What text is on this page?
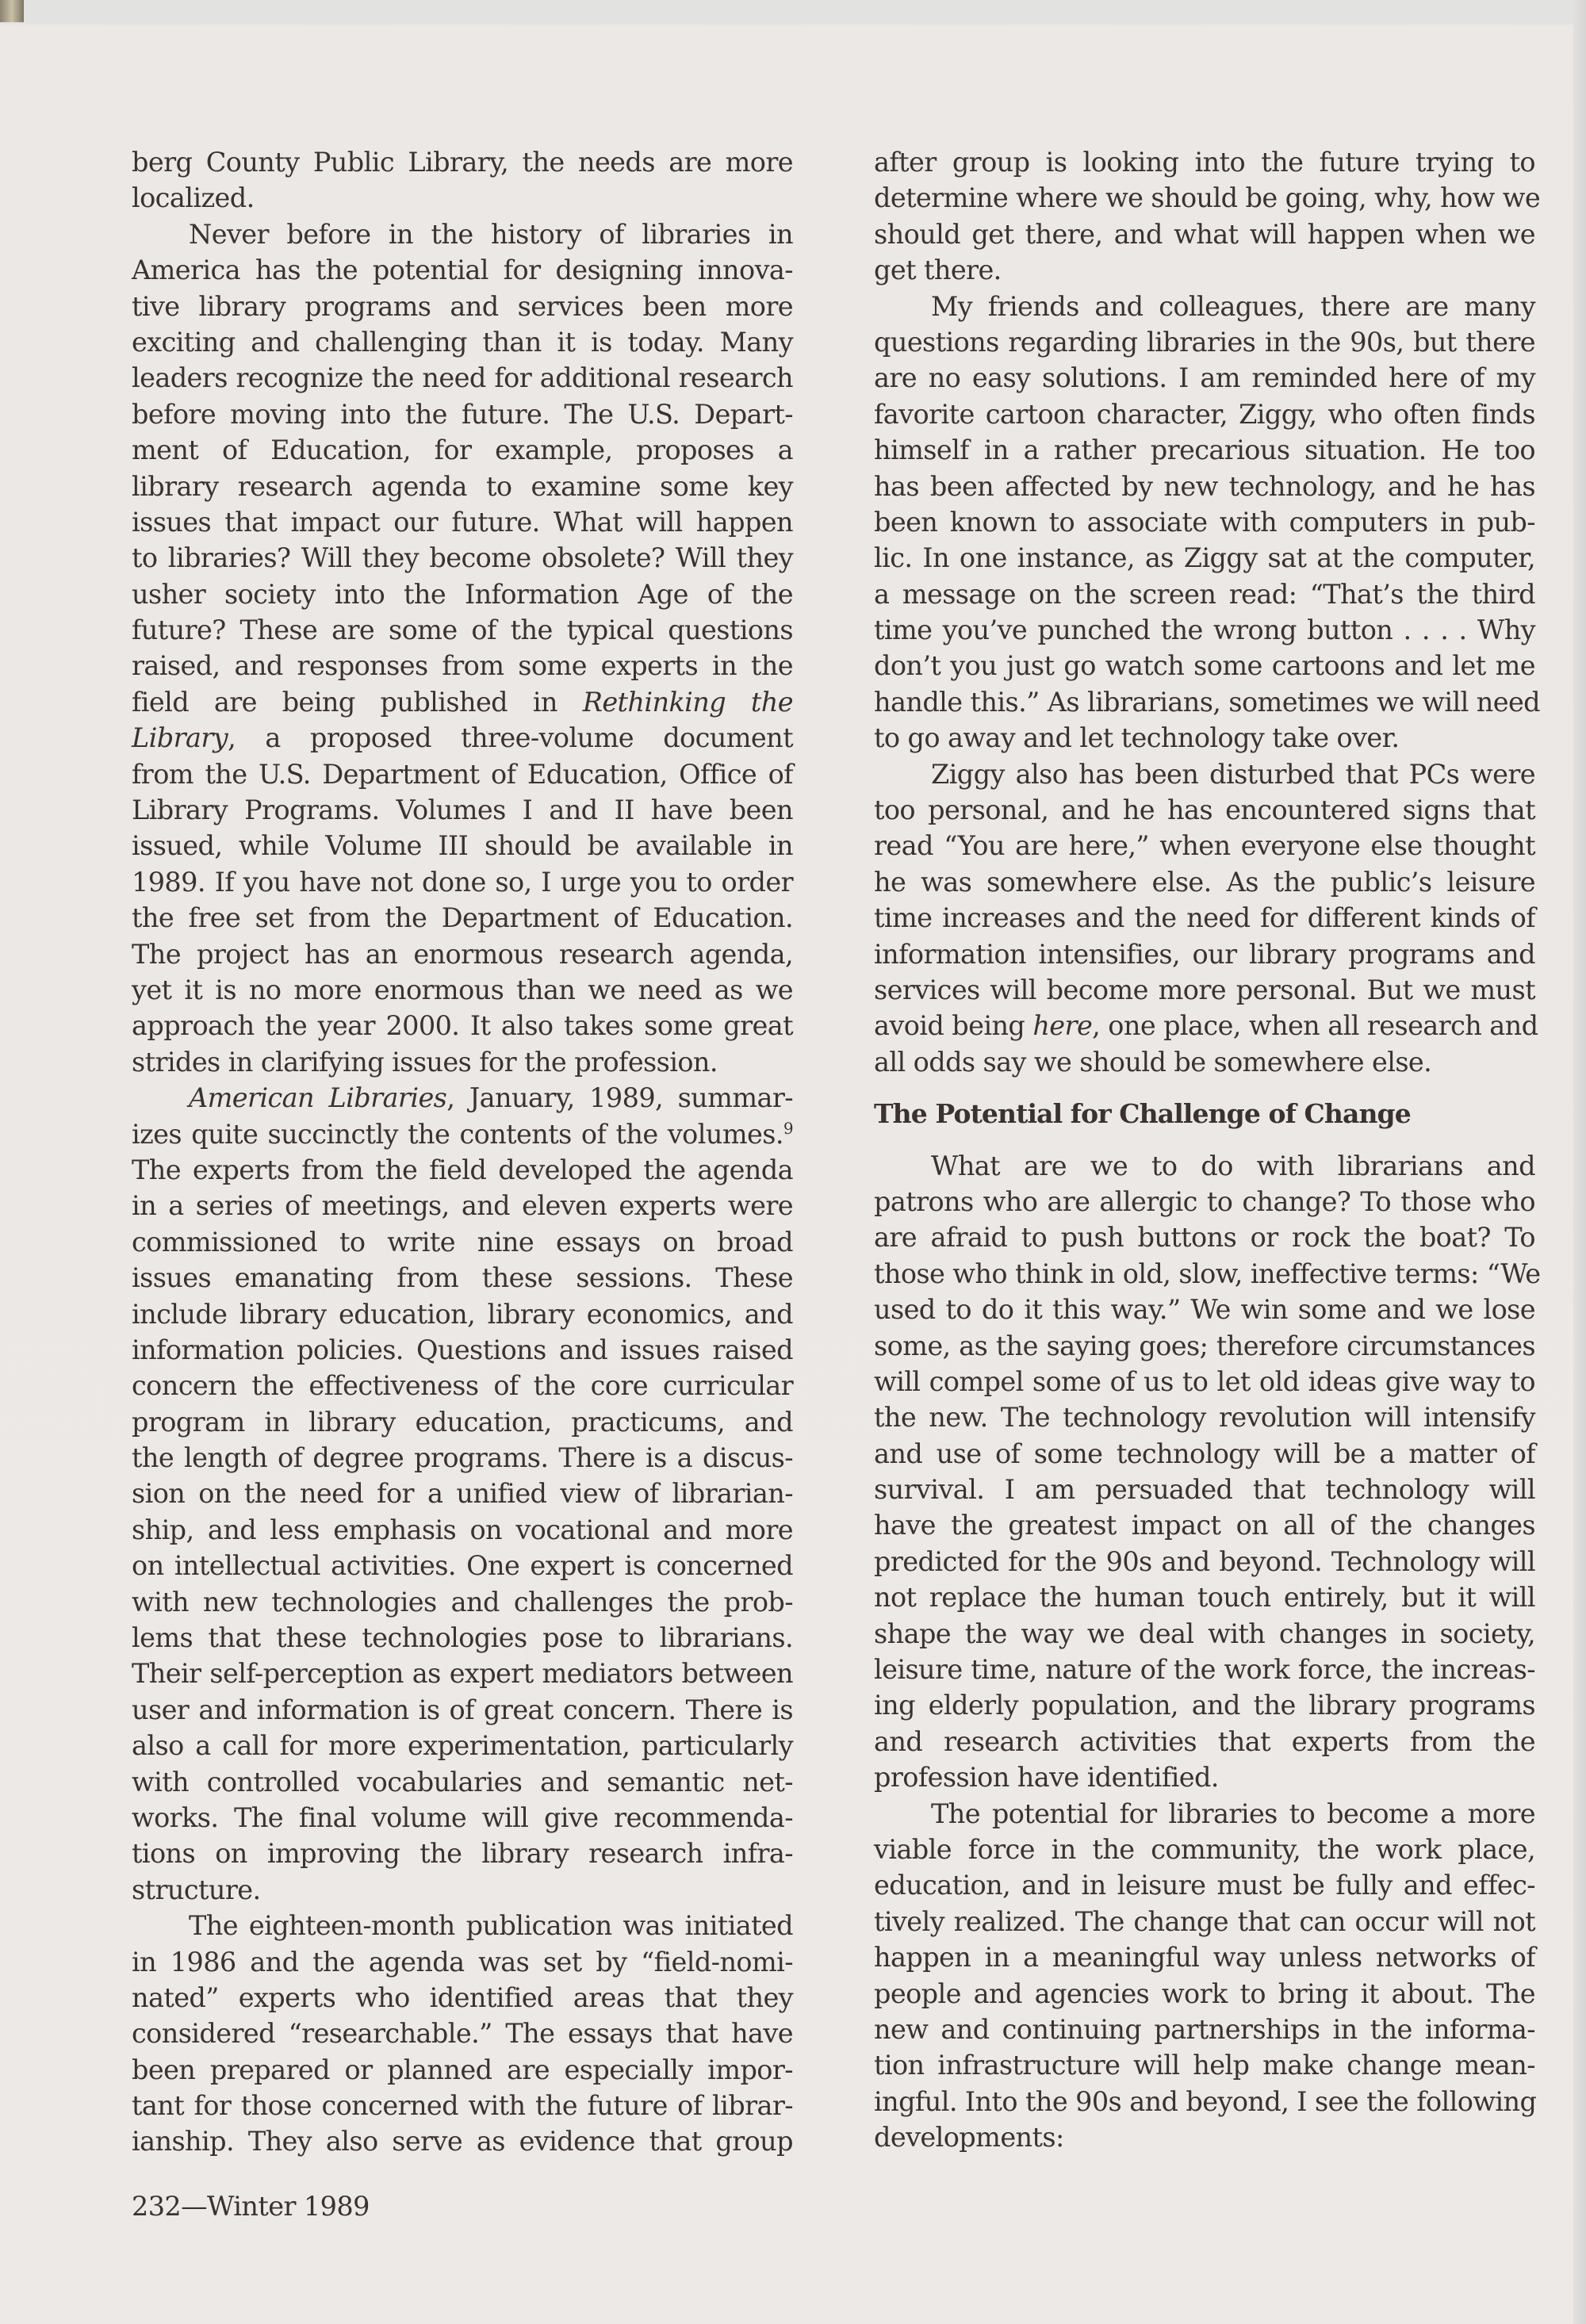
berg County Public Library, the needs are more
localized.
Never before in the history of libraries in
America has the potential for designing innova-
tive library programs and services been more
exciting and challenging than it is today. Many
leaders recognize the need for additional research
before moving into the future. The U.S. Depart-
ment of Education, for example, proposes a
library research agenda to examine some key
issues that impact our future. What will happen
to libraries? Will they become obsolete? Will they
usher society into the Information Age of the
future? These are some of the typical questions
raised, and responses from some experts in the
field are being published in Rethinking the
Library, a proposed three-volume document
from the U.S. Department of Education, Office of
Library Programs. Volumes I and II have been
issued, while Volume III should be available in
1989. If you have not done so, I urge you to order
the free set from the Department of Education.
The project has an enormous research agenda,
yet it is no more enormous than we need as we
approach the year 2000. It also takes some great
strides in clarifying issues for the profession.
American Libraries, January, 1989, summar-
izes quite succinctly the contents of the volumes.$^9$
The experts from the field developed the agenda
in a series of meetings, and eleven experts were
commissioned to write nine essays on broad
issues emanating from these sessions. These
include library education, library economics, and
information policies. Questions and issues raised
concern the effectiveness of the core curricular
program in library education, practicums, and
the length of degree programs. There is a discus-
sion on the need for a unified view of librarian-
ship, and less emphasis on vocational and more
on intellectual activities. One expert is concerned
with new technologies and challenges the prob-
lems that these technologies pose to librarians.
Their self-perception as expert mediators between
user and information is of great concern. There is
also a call for more experimentation, particularly
with controlled vocabularies and semantic net-
works. The final volume will give recommenda-
tions on improving the library research infra-
structure.
The eighteen-month publication was initiated
in 1986 and the agenda was set by “field-nomi-
nated” experts who identified areas that they
considered “researchable.” The essays that have
been prepared or planned are especially impor-
tant for those concerned with the future of librar-
ianship. They also serve as evidence that group
after group is looking into the future trying to
determine where we should be going, why, how we
should get there, and what will happen when we
get there.
My friends and colleagues, there are many
questions regarding libraries in the 90s, but there
are no easy solutions. I am reminded here of my
favorite cartoon character, Ziggy, who often finds
himself in a rather precarious situation. He too
has been affected by new technology, and he has
been known to associate with computers in pub-
lic. In one instance, as Ziggy sat at the computer,
a message on the screen read: “That’s the third
time you’ve punched the wrong button . . . . Why
don’t you just go watch some cartoons and let me
handle this.” As librarians, sometimes we will need
to go away and let technology take over.
Ziggy also has been disturbed that PCs were
too personal, and he has encountered signs that
read “You are here,” when everyone else thought
he was somewhere else. As the public’s leisure
time increases and the need for different kinds of
information intensifies, our library programs and
services will become more personal. But we must
avoid being here, one place, when all research and
all odds say we should be somewhere else.
The Potential for Challenge of Change
What are we to do with librarians and
patrons who are allergic to change? To those who
are afraid to push buttons or rock the boat? To
those who think in old, slow, ineffective terms: “We
used to do it this way.” We win some and we lose
some, as the saying goes; therefore circumstances
will compel some of us to let old ideas give way to
the new. The technology revolution will intensify
and use of some technology will be a matter of
survival. I am persuaded that technology will
have the greatest impact on all of the changes
predicted for the 90s and beyond. Technology will
not replace the human touch entirely, but it will
shape the way we deal with changes in society,
leisure time, nature of the work force, the increas-
ing elderly population, and the library programs
and research activities that experts from the
profession have identified.
The potential for libraries to become a more
viable force in the community, the work place,
education, and in leisure must be fully and effec-
tively realized. The change that can occur will not
happen in a meaningful way unless networks of
people and agencies work to bring it about. The
new and continuing partnerships in the informa-
tion infrastructure will help make change mean-
ingful. Into the 90s and beyond, I see the following
developments:
232—Winter 1989
